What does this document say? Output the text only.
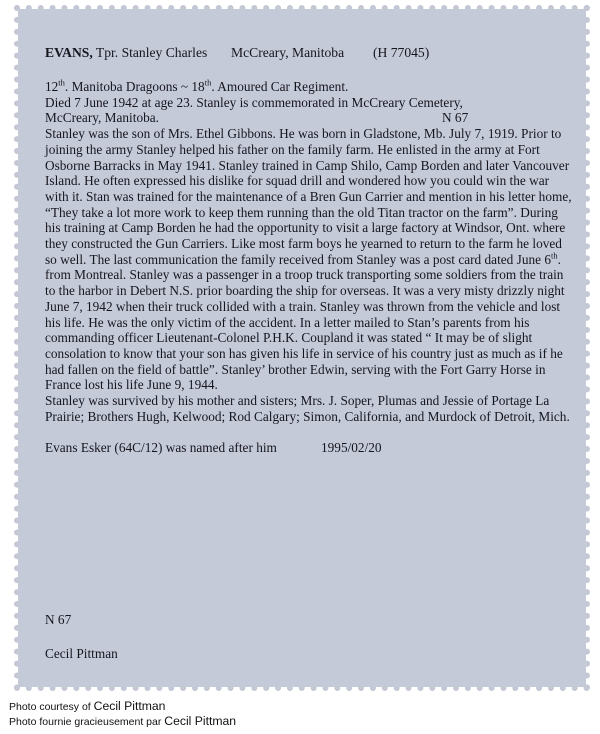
EVANS, Tpr. Stanley Charles McCreary, Manitoba (H 77045)
12th. Manitoba Dragoons ~ 18th. Amoured Car Regiment.
Died 7 June 1942 at age 23. Stanley is commemorated in McCreary Cemetery,
McCreary, Manitoba.	N 67

Stanley was the son of Mrs. Ethel Gibbons. He was born in Gladstone, Mb. July 7, 1919. Prior to joining the army Stanley helped his father on the family farm. He enlisted in the army at Fort Osborne Barracks in May 1941. Stanley trained in Camp Shilo, Camp Borden and later Vancouver Island. He often expressed his dislike for squad drill and wondered how you could win the war with it. Stan was trained for the maintenance of a Bren Gun Carrier and mention in his letter home, “They take a lot more work to keep them running than the old Titan tractor on the farm”. During his training at Camp Borden he had the opportunity to visit a large factory at Windsor, Ont. where they constructed the Gun Carriers. Like most farm boys he yearned to return to the farm he loved so well. The last communication the family received from Stanley was a post card dated June 6th. from Montreal. Stanley was a passenger in a troop truck transporting some soldiers from the train to the harbor in Debert N.S. prior boarding the ship for overseas. It was a very misty drizzly night June 7, 1942 when their truck collided with a train. Stanley was thrown from the vehicle and lost his life. He was the only victim of the accident. In a letter mailed to Stan’s parents from his commanding officer Lieutenant-Colonel P.H.K. Coupland it was stated “ It may be of slight consolation to know that your son has given his life in service of his country just as much as if he had fallen on the field of battle”. Stanley’ brother Edwin, serving with the Fort Garry Horse in France lost his life June 9, 1944.

Stanley was survived by his mother and sisters; Mrs. J. Soper, Plumas and Jessie of Portage La Prairie; Brothers Hugh, Kelwood; Rod Calgary; Simon, California, and Murdock of Detroit, Mich.

Evans Esker (64C/12) was named after him	1995/02/20
N 67
Cecil Pittman
Photo courtesy of Cecil Pittman
Photo fournie gracieusement par Cecil Pittman
